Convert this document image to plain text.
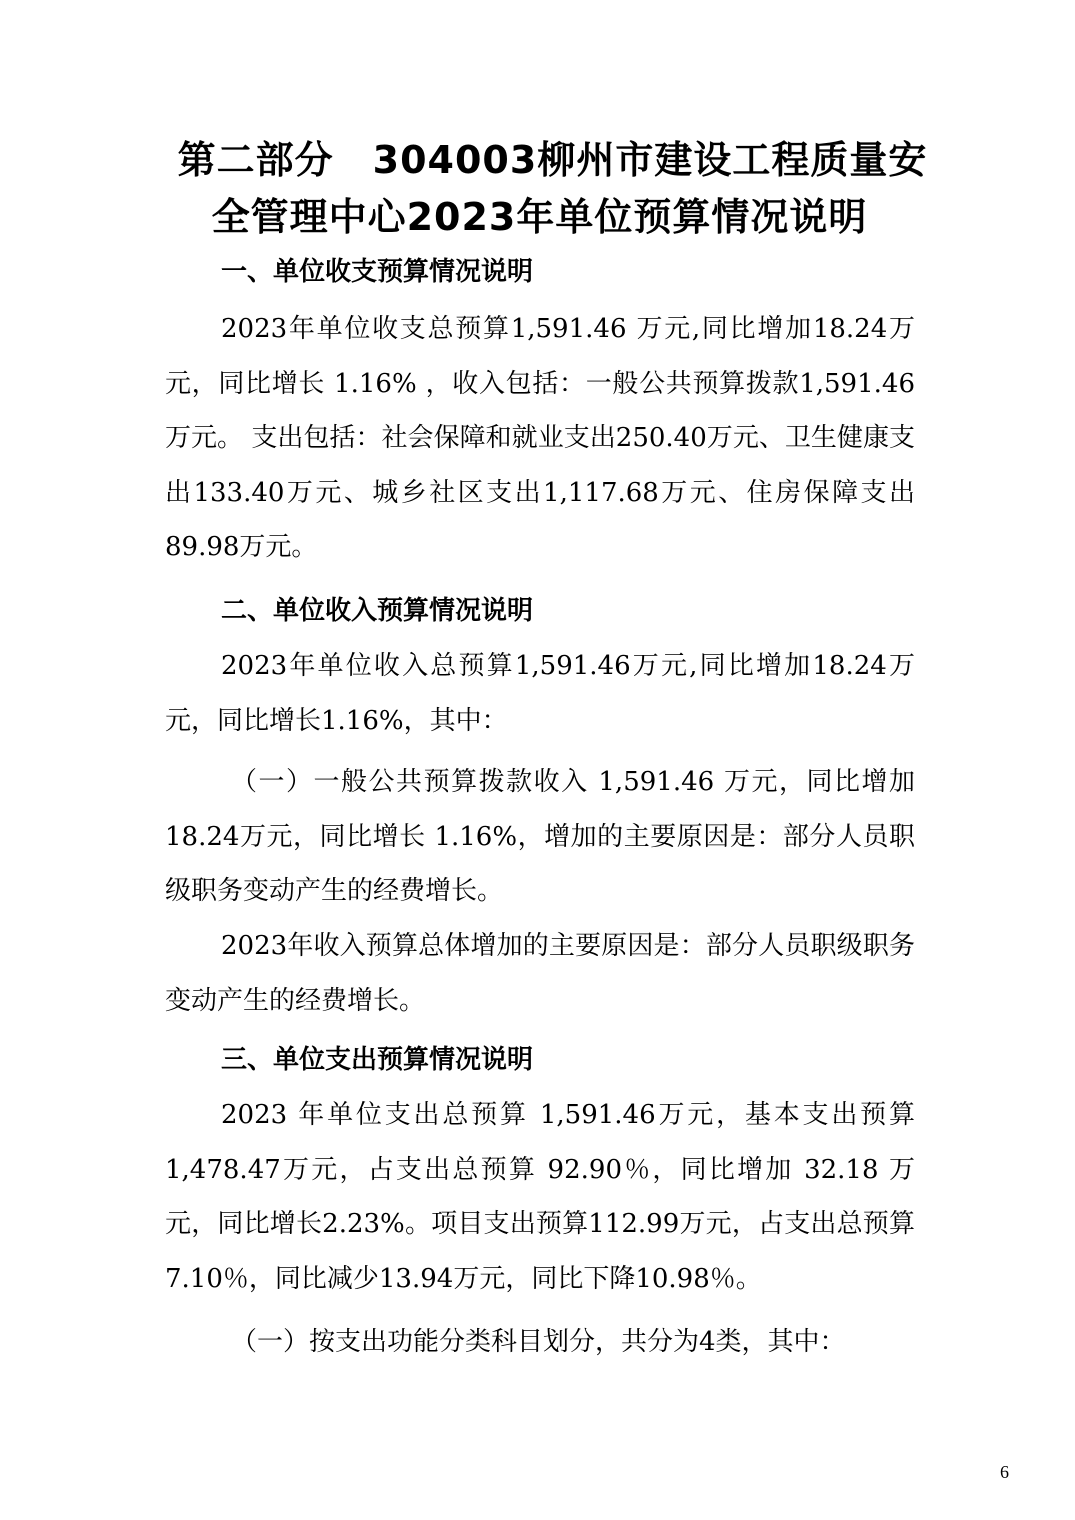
第二部分　304003柳州市建设工程质量安
全管理中心2023年单位预算情况说明
一、单位收支预算情况说明
2023年单位收支总预算1,591.46 万元,同比增加18.24万元，同比增长 1.16% ，收入包括：一般公共预算拨款1,591.46万元。 支出包括：社会保障和就业支出250.40万元、卫生健康支出133.40万元、城乡社区支出1,117.68万元、住房保障支出89.98万元。
二、单位收入预算情况说明
2023年单位收入总预算1,591.46万元,同比增加18.24万元，同比增长1.16%，其中：
（一）一般公共预算拨款收入 1,591.46 万元，同比增加 18.24万元，同比增长 1.16%，增加的主要原因是：部分人员职级职务变动产生的经费增长。
2023年收入预算总体增加的主要原因是：部分人员职级职务变动产生的经费增长。
三、单位支出预算情况说明
2023 年单位支出总预算 1,591.46万元，基本支出预算1,478.47万元，占支出总预算 92.90％，同比增加 32.18 万元，同比增长2.23%。项目支出预算112.99万元，占支出总预算7.10％，同比减少13.94万元，同比下降10.98％。
（一）按支出功能分类科目划分，共分为4类，其中：
6
